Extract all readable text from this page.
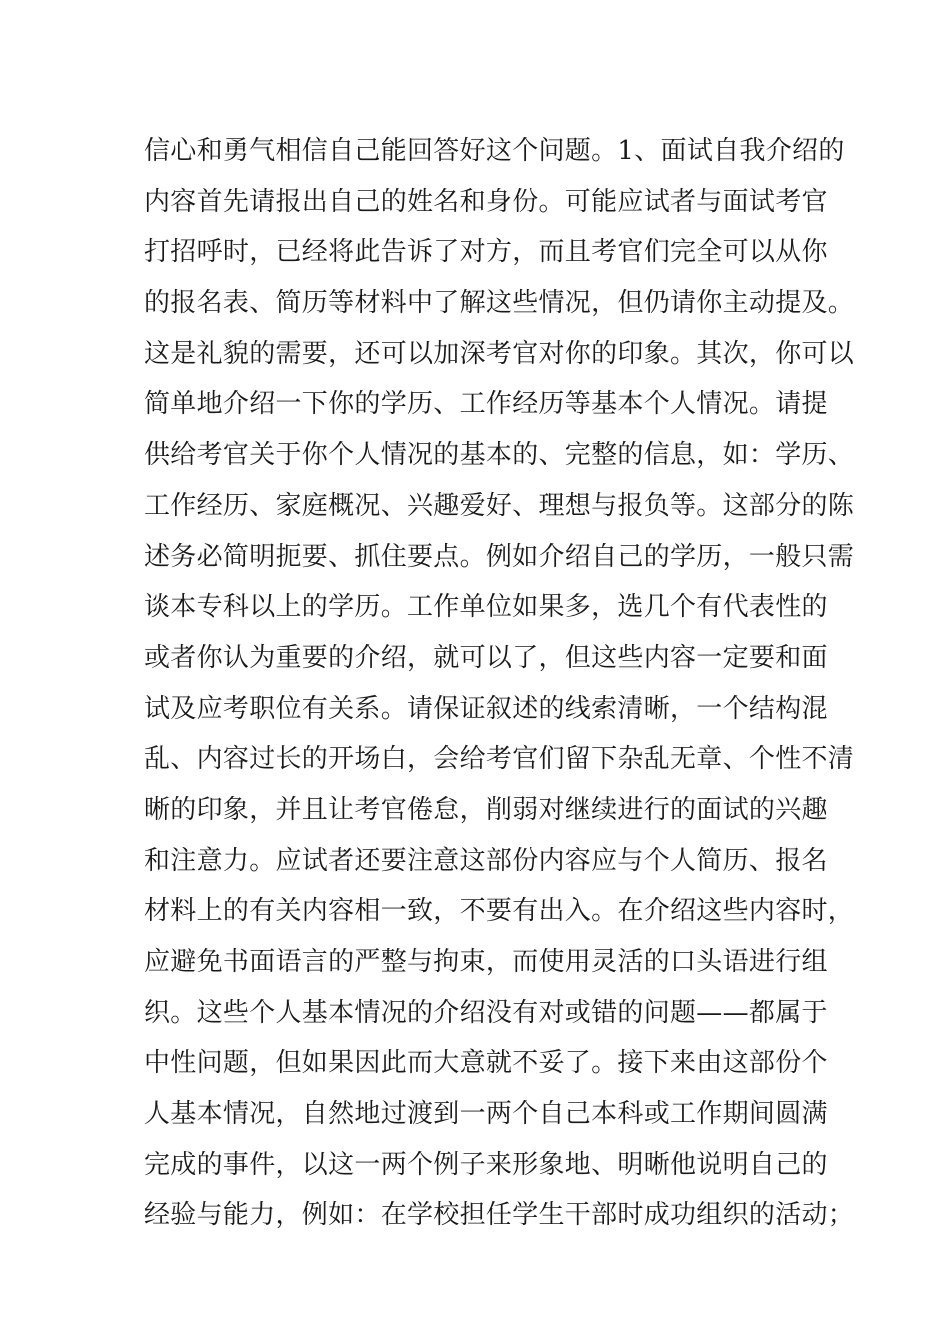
信心和勇气相信自己能回答好这个问题。1、面试自我介绍的
内容首先请报出自己的姓名和身份。可能应试者与面试考官
打招呼时，已经将此告诉了对方，而且考官们完全可以从你
的报名表、简历等材料中了解这些情况，但仍请你主动提及。
这是礼貌的需要，还可以加深考官对你的印象。其次，你可以
简单地介绍一下你的学历、工作经历等基本个人情况。请提
供给考官关于你个人情况的基本的、完整的信息，如：学历、
工作经历、家庭概况、兴趣爱好、理想与报负等。这部分的陈
述务必简明扼要、抓住要点。例如介绍自己的学历，一般只需
谈本专科以上的学历。工作单位如果多，选几个有代表性的
或者你认为重要的介绍，就可以了，但这些内容一定要和面
试及应考职位有关系。请保证叙述的线索清晰，一个结构混
乱、内容过长的开场白，会给考官们留下杂乱无章、个性不清
晰的印象，并且让考官倦怠，削弱对继续进行的面试的兴趣
和注意力。应试者还要注意这部份内容应与个人简历、报名
材料上的有关内容相一致，不要有出入。在介绍这些内容时，
应避免书面语言的严整与拘束，而使用灵活的口头语进行组
织。这些个人基本情况的介绍没有对或错的问题——都属于
中性问题，但如果因此而大意就不妥了。接下来由这部份个
人基本情况，自然地过渡到一两个自己本科或工作期间圆满
完成的事件，以这一两个例子来形象地、明晰他说明自己的
经验与能力，例如：在学校担任学生干部时成功组织的活动；
